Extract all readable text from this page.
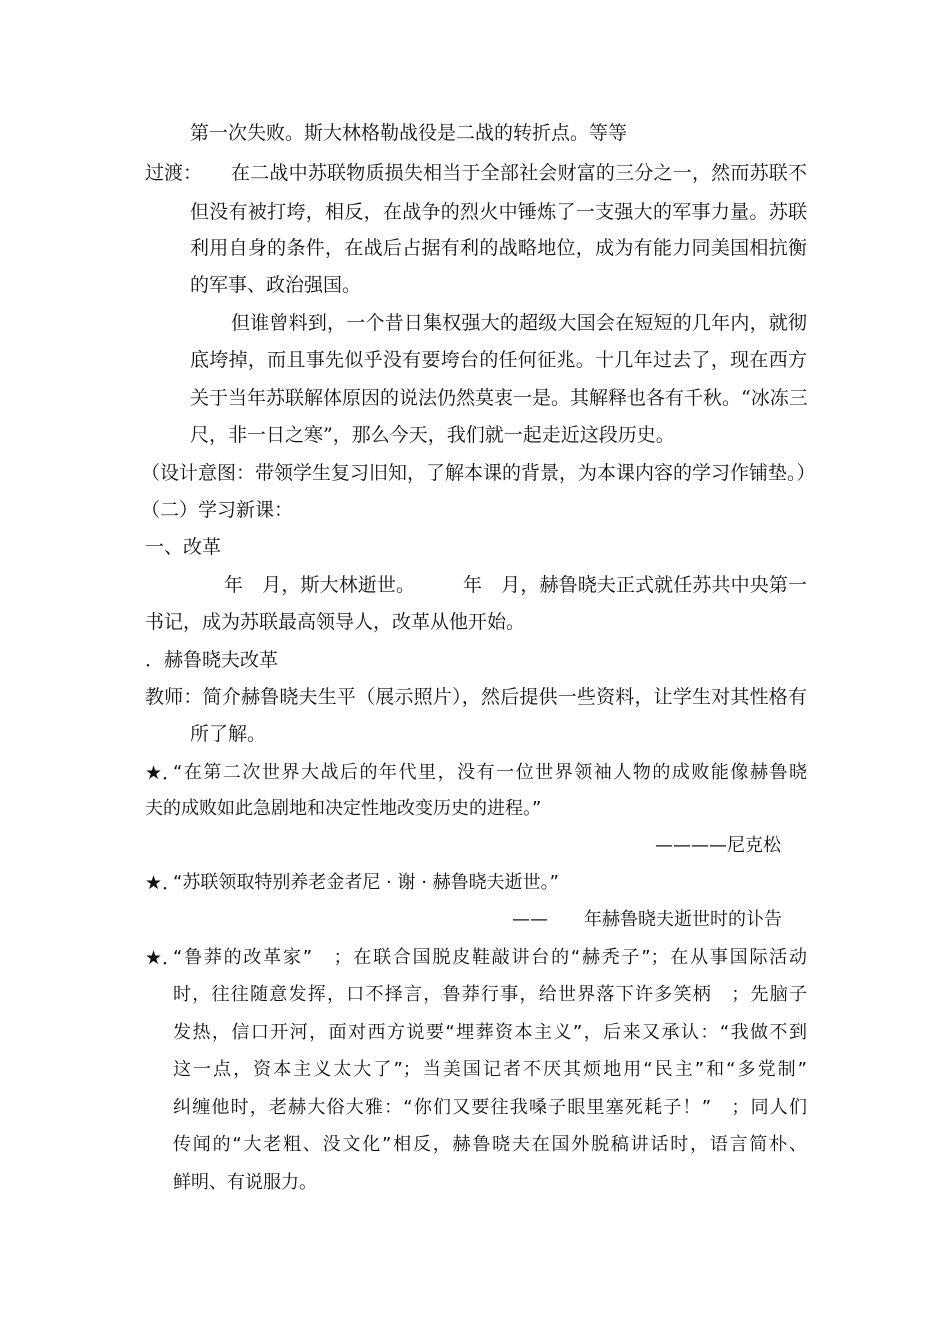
第一次失败。斯大林格勒战役是二战的转折点。等等
过渡： 在二战中苏联物质损失相当于全部社会财富的三分之一，然而苏联不
但没有被打垮，相反，在战争的烈火中锤炼了一支强大的军事力量。苏联
利用自身的条件，在战后占据有利的战略地位，成为有能力同美国相抗衡
的军事、政治强国。
但谁曾料到，一个昔日集权强大的超级大国会在短短的几年内，就彻
底垮掉，而且事先似乎没有要垮台的任何征兆。十几年过去了，现在西方
关于当年苏联解体原因的说法仍然莫衷一是。其解释也各有千秋。“冰冻三
尺，非一日之寒”，那么今天，我们就一起走近这段历史。
（设计意图：带领学生复习旧知，了解本课的背景，为本课内容的学习作铺垫。）
（二）学习新课：
一、改革
年　月，斯大林逝世。　　　年　月，赫鲁晓夫正式就任苏共中央第一
书记，成为苏联最高领导人，改革从他开始。
．赫鲁晓夫改革
教师：简介赫鲁晓夫生平（展示照片），然后提供一些资料，让学生对其性格有
所了解。
★．
“在第二次世界大战后的年代里，没有一位世界领袖人物的成败能像赫鲁晓
夫的成败如此急剧地和决定性地改变历史的进程。”
————尼克松
★．
“苏联领取特别养老金者尼 · 谢 · 赫鲁晓夫逝世。”
——　　年赫鲁晓夫逝世时的讣告
★．
“鲁莽的改革家”　；在联合国脱皮鞋敲讲台的“赫秃子”；在从事国际活动
时，往往随意发挥，口不择言，鲁莽行事，给世界落下许多笑柄　；先脑子
发热，信口开河，面对西方说要“埋葬资本主义”，后来又承认：“我做不到
这一点，资本主义太大了”；当美国记者不厌其烦地用“民主”和“多党制”
纠缠他时，老赫大俗大雅：“你们又要往我嗓子眼里塞死耗子！”　；同人们
传闻的“大老粗、没文化”相反，赫鲁晓夫在国外脱稿讲话时，语言简朴、
鲜明、有说服力。
